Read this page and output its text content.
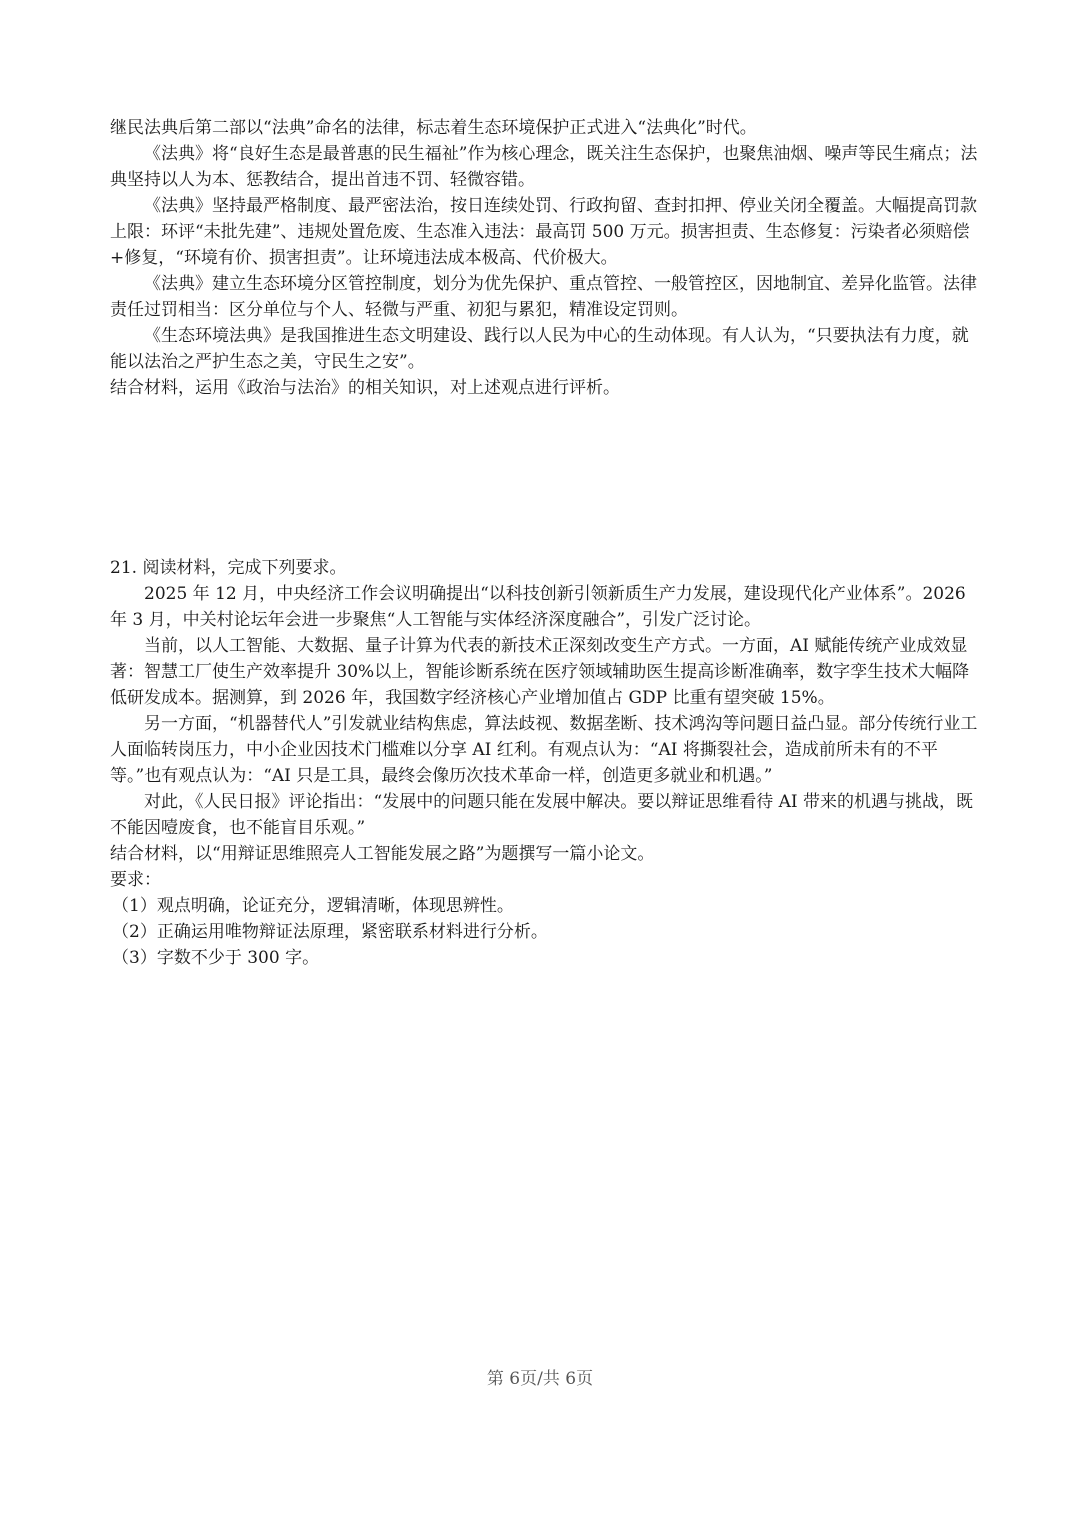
继民法典后第二部以“法典”命名的法律，标志着生态环境保护正式进入“法典化”时代。

《法典》将“良好生态是最普惠的民生福祉”作为核心理念，既关注生态保护，也聚焦油烟、噪声等民生痛点；法典坚持以人为本、惩教结合，提出首违不罚、轻微容错。

《法典》坚持最严格制度、最严密法治，按日连续处罚、行政拘留、查封扣押、停业关闭全覆盖。大幅提高罚款上限：环评“未批先建”、违规处置危废、生态准入违法：最高罚 500 万元。损害担责、生态修复：污染者必须赔偿+修复，“环境有价、损害担责”。让环境违法成本极高、代价极大。

《法典》建立生态环境分区管控制度，划分为优先保护、重点管控、一般管控区，因地制宜、差异化监管。法律责任过罚相当：区分单位与个人、轻微与严重、初犯与累犯，精准设定罚则。

《生态环境法典》是我国推进生态文明建设、践行以人民为中心的生动体现。有人认为，“只要执法有力度，就能以法治之严护生态之美，守民生之安”。

结合材料，运用《政治与法治》的相关知识，对上述观点进行评析。

21. 阅读材料，完成下列要求。

2025 年 12 月，中央经济工作会议明确提出“以科技创新引领新质生产力发展，建设现代化产业体系”。2026 年 3 月，中关村论坛年会进一步聚焦“人工智能与实体经济深度融合”，引发广泛讨论。

当前，以人工智能、大数据、量子计算为代表的新技术正深刻改变生产方式。一方面，AI 赋能传统产业成效显著：智慧工厂使生产效率提升 30%以上，智能诊断系统在医疗领域辅助医生提高诊断准确率，数字孪生技术大幅降低研发成本。据测算，到 2026 年，我国数字经济核心产业增加值占 GDP 比重有望突破 15%。

另一方面，“机器替代人”引发就业结构焦虑，算法歧视、数据垄断、技术鸿沟等问题日益凸显。部分传统行业工人面临转岗压力，中小企业因技术门槛难以分享 AI 红利。有观点认为：“AI 将撕裂社会，造成前所未有的不平等。”也有观点认为：“AI 只是工具，最终会像历次技术革命一样，创造更多就业和机遇。”

对此，《人民日报》评论指出：“发展中的问题只能在发展中解决。要以辩证思维看待 AI 带来的机遇与挑战，既不能因噎废食，也不能盲目乐观。”

结合材料，以“用辩证思维照亮人工智能发展之路”为题撰写一篇小论文。

要求：

（1）观点明确，论证充分，逻辑清晰，体现思辨性。

（2）正确运用唯物辩证法原理，紧密联系材料进行分析。

（3）字数不少于 300 字。

第 6页/共 6页
